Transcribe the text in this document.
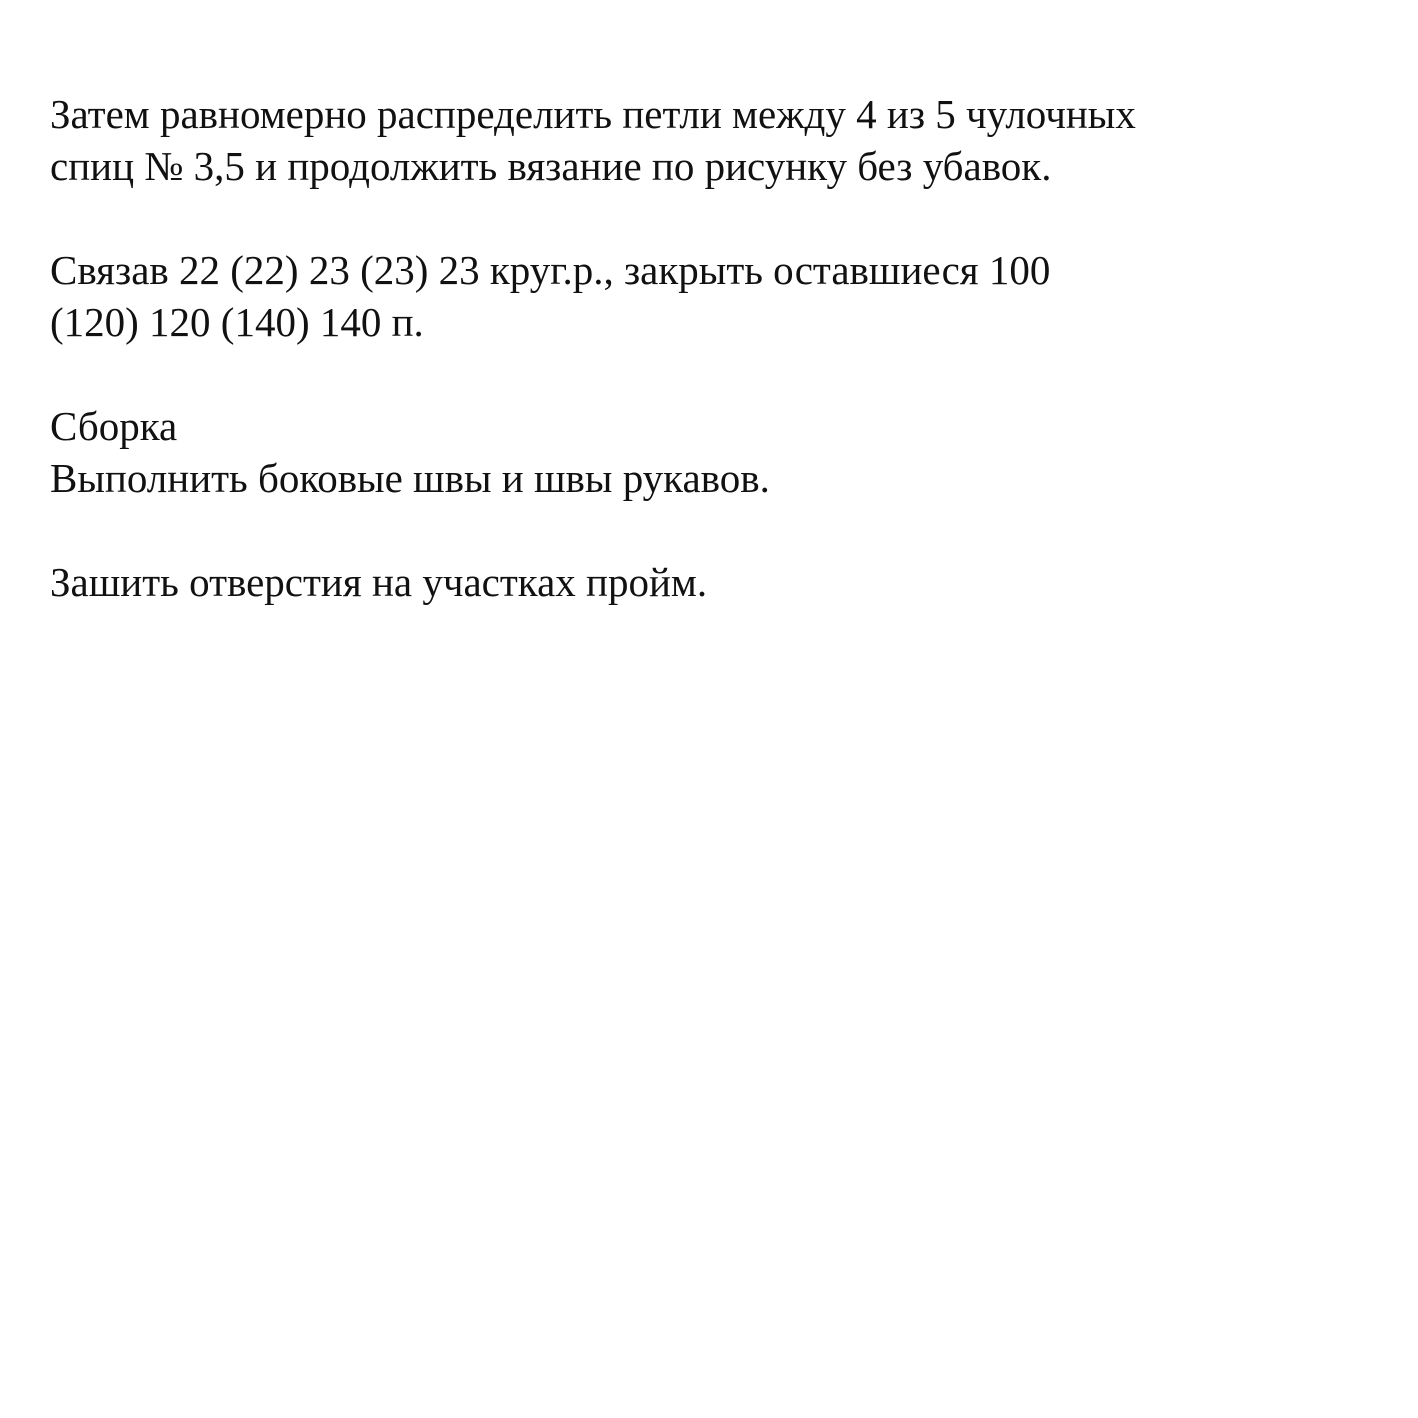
Затем равномерно распределить петли между 4 из 5 чулочных
спиц № 3,5 и продолжить вязание по рисунку без убавок.

Связав 22 (22) 23 (23) 23 круг.р., закрыть оставшиеся 100
(120) 120 (140) 140 п.

Сборка
Выполнить боковые швы и швы рукавов.

Зашить отверстия на участках пройм.
